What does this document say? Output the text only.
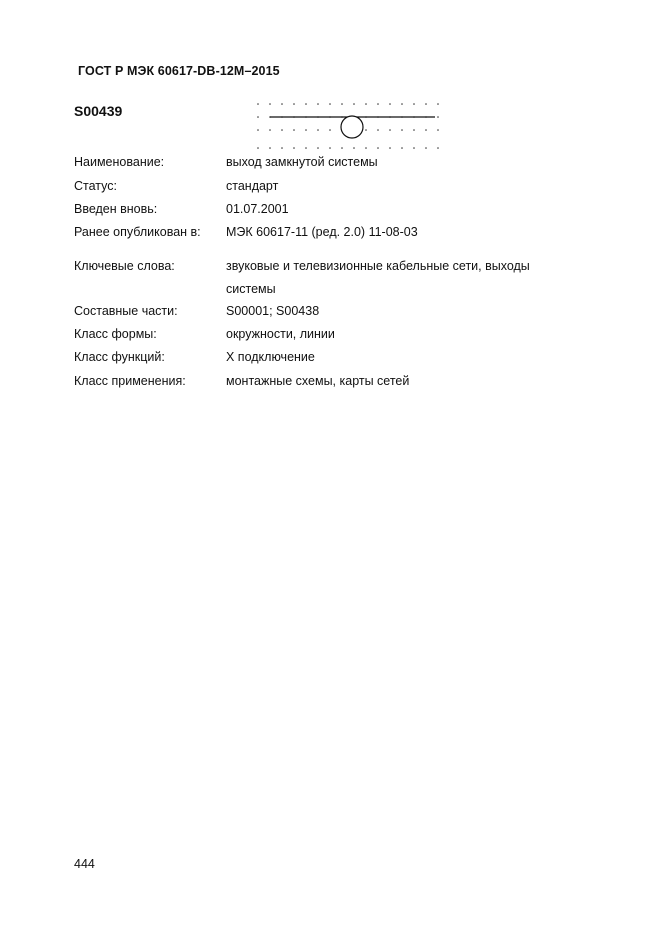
ГОСТ Р МЭК 60617-DB-12M–2015
S00439
Наименование:	выход замкнутой системы
Статус:	стандарт
Введен вновь:	01.07.2001
Ранее опубликован в: МЭК 60617-11 (ред. 2.0) 11-08-03
Ключевые слова:	звуковые и телевизионные кабельные сети, выходы системы
Составные части:	S00001; S00438
Класс формы:	окружности, линии
Класс функций:	Х подключение
Класс применения:	монтажные схемы, карты сетей
444
